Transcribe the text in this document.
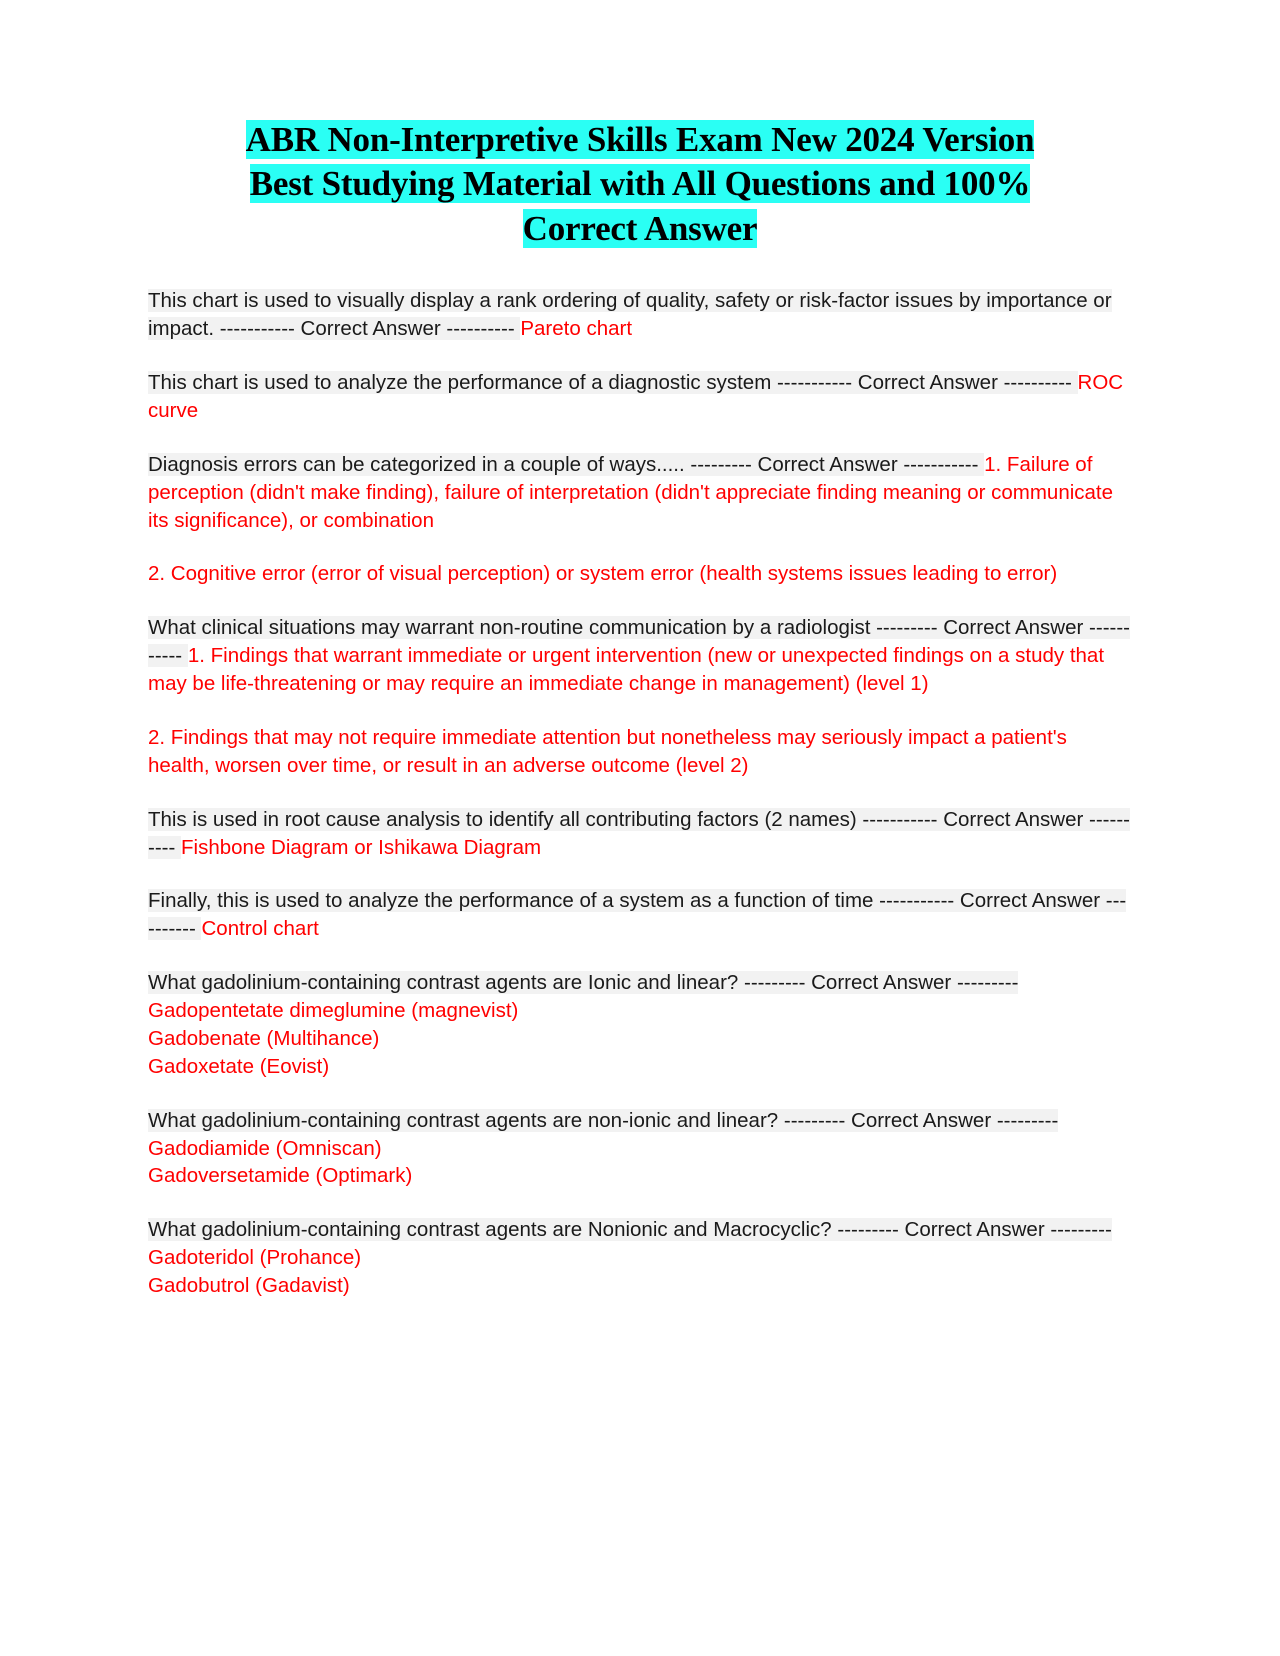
ABR Non-Interpretive Skills Exam New 2024 Version
Best Studying Material with All Questions and 100%
Correct Answer
This chart is used to visually display a rank ordering of quality, safety or risk-factor issues by importance or impact. ----------- Correct Answer ---------- Pareto chart
This chart is used to analyze the performance of a diagnostic system ----------- Correct Answer ---------- ROC curve
Diagnosis errors can be categorized in a couple of ways..... --------- Correct Answer ----------- 1. Failure of perception (didn't make finding), failure of interpretation (didn't appreciate finding meaning or communicate its significance), or combination
2. Cognitive error (error of visual perception) or system error (health systems issues leading to error)
What clinical situations may warrant non-routine communication by a radiologist --------- Correct Answer ----------- 1. Findings that warrant immediate or urgent intervention (new or unexpected findings on a study that may be life-threatening or may require an immediate change in management) (level 1)
2. Findings that may not require immediate attention but nonetheless may seriously impact a patient's health, worsen over time, or result in an adverse outcome (level 2)
This is used in root cause analysis to identify all contributing factors (2 names) ----------- Correct Answer ---------- Fishbone Diagram or Ishikawa Diagram
Finally, this is used to analyze the performance of a system as a function of time ----------- Correct Answer ---------- Control chart
What gadolinium-containing contrast agents are Ionic and linear? --------- Correct Answer --------- Gadopentetate dimeglumine (magnevist)
Gadobenate (Multihance)
Gadoxetate (Eovist)
What gadolinium-containing contrast agents are non-ionic and linear? --------- Correct Answer --------- Gadodiamide (Omniscan)
Gadoversetamide (Optimark)
What gadolinium-containing contrast agents are Nonionic and Macrocyclic? --------- Correct Answer --------- Gadoteridol (Prohance)
Gadobutrol (Gadavist)
